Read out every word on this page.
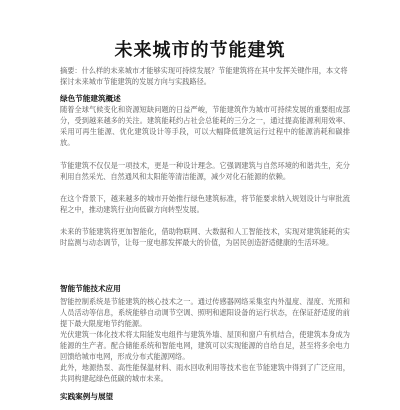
未来城市的节能建筑
摘要：什么样的未来城市才能够实现可持续发展？节能建筑将在其中发挥关键作用，本文将探讨未来城市节能建筑的发展方向与实践路径。
绿色节能建筑概述
随着全球气候变化和资源短缺问题的日益严峻，节能建筑作为城市可持续发展的重要组成部分，受到越来越多的关注。建筑能耗约占社会总能耗的三分之一，通过提高能源利用效率、采用可再生能源、优化建筑设计等手段，可以大幅降低建筑运行过程中的能源消耗和碳排放。
节能建筑不仅仅是一项技术，更是一种设计理念。它强调建筑与自然环境的和谐共生，充分利用自然采光、自然通风和太阳能等清洁能源，减少对化石能源的依赖。
在这个背景下，越来越多的城市开始推行绿色建筑标准，将节能要求纳入规划设计与审批流程之中，推动建筑行业向低碳方向转型发展。
未来的节能建筑将更加智能化，借助物联网、大数据和人工智能技术，实现对建筑能耗的实时监测与动态调节，让每一度电都发挥最大的价值，为居民创造舒适健康的生活环境。
智能节能技术应用
智能控制系统是节能建筑的核心技术之一。通过传感器网络采集室内外温度、湿度、光照和人员活动等信息，系统能够自动调节空调、照明和遮阳设备的运行状态，在保证舒适度的前提下最大限度地节约能源。
光伏建筑一体化技术将太阳能发电组件与建筑外墙、屋顶和窗户有机结合，使建筑本身成为能源的生产者。配合储能系统和智能电网，建筑可以实现能源的自给自足，甚至将多余电力回馈给城市电网，形成分布式能源网络。
此外，地源热泵、高性能保温材料、雨水回收利用等技术也在节能建筑中得到了广泛应用，共同构建起绿色低碳的城市未来。
实践案例与展望
